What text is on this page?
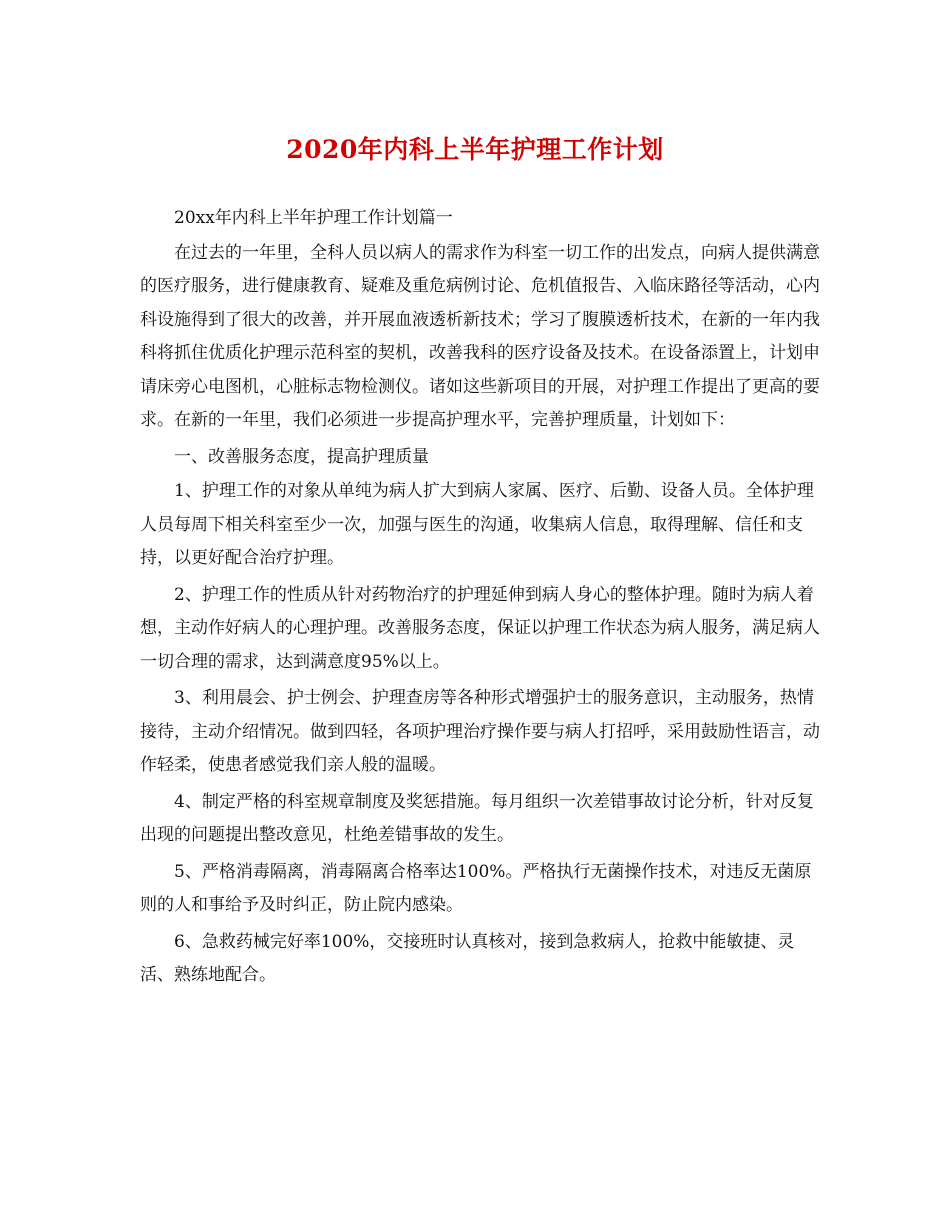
2020年内科上半年护理工作计划

20xx年内科上半年护理工作计划篇一

在过去的一年里，全科人员以病人的需求作为科室一切工作的出发点，向病人提供满意的医疗服务，进行健康教育、疑难及重危病例讨论、危机值报告、入临床路径等活动，心内科设施得到了很大的改善，并开展血液透析新技术；学习了腹膜透析技术，在新的一年内我科将抓住优质化护理示范科室的契机，改善我科的医疗设备及技术。在设备添置上，计划申请床旁心电图机，心脏标志物检测仪。诸如这些新项目的开展，对护理工作提出了更高的要求。在新的一年里，我们必须进一步提高护理水平，完善护理质量，计划如下：

一、改善服务态度，提高护理质量

1、护理工作的对象从单纯为病人扩大到病人家属、医疗、后勤、设备人员。全体护理人员每周下相关科室至少一次，加强与医生的沟通，收集病人信息，取得理解、信任和支持，以更好配合治疗护理。

2、护理工作的性质从针对药物治疗的护理延伸到病人身心的整体护理。随时为病人着想，主动作好病人的心理护理。改善服务态度，保证以护理工作状态为病人服务，满足病人一切合理的需求，达到满意度95%以上。

3、利用晨会、护士例会、护理查房等各种形式增强护士的服务意识，主动服务，热情接待，主动介绍情况。做到四轻，各项护理治疗操作要与病人打招呼，采用鼓励性语言，动作轻柔，使患者感觉我们亲人般的温暖。

4、制定严格的科室规章制度及奖惩措施。每月组织一次差错事故讨论分析，针对反复出现的问题提出整改意见，杜绝差错事故的发生。

5、严格消毒隔离，消毒隔离合格率达100%。严格执行无菌操作技术，对违反无菌原则的人和事给予及时纠正，防止院内感染。

6、急救药械完好率100%，交接班时认真核对，接到急救病人，抢救中能敏捷、灵活、熟练地配合。
